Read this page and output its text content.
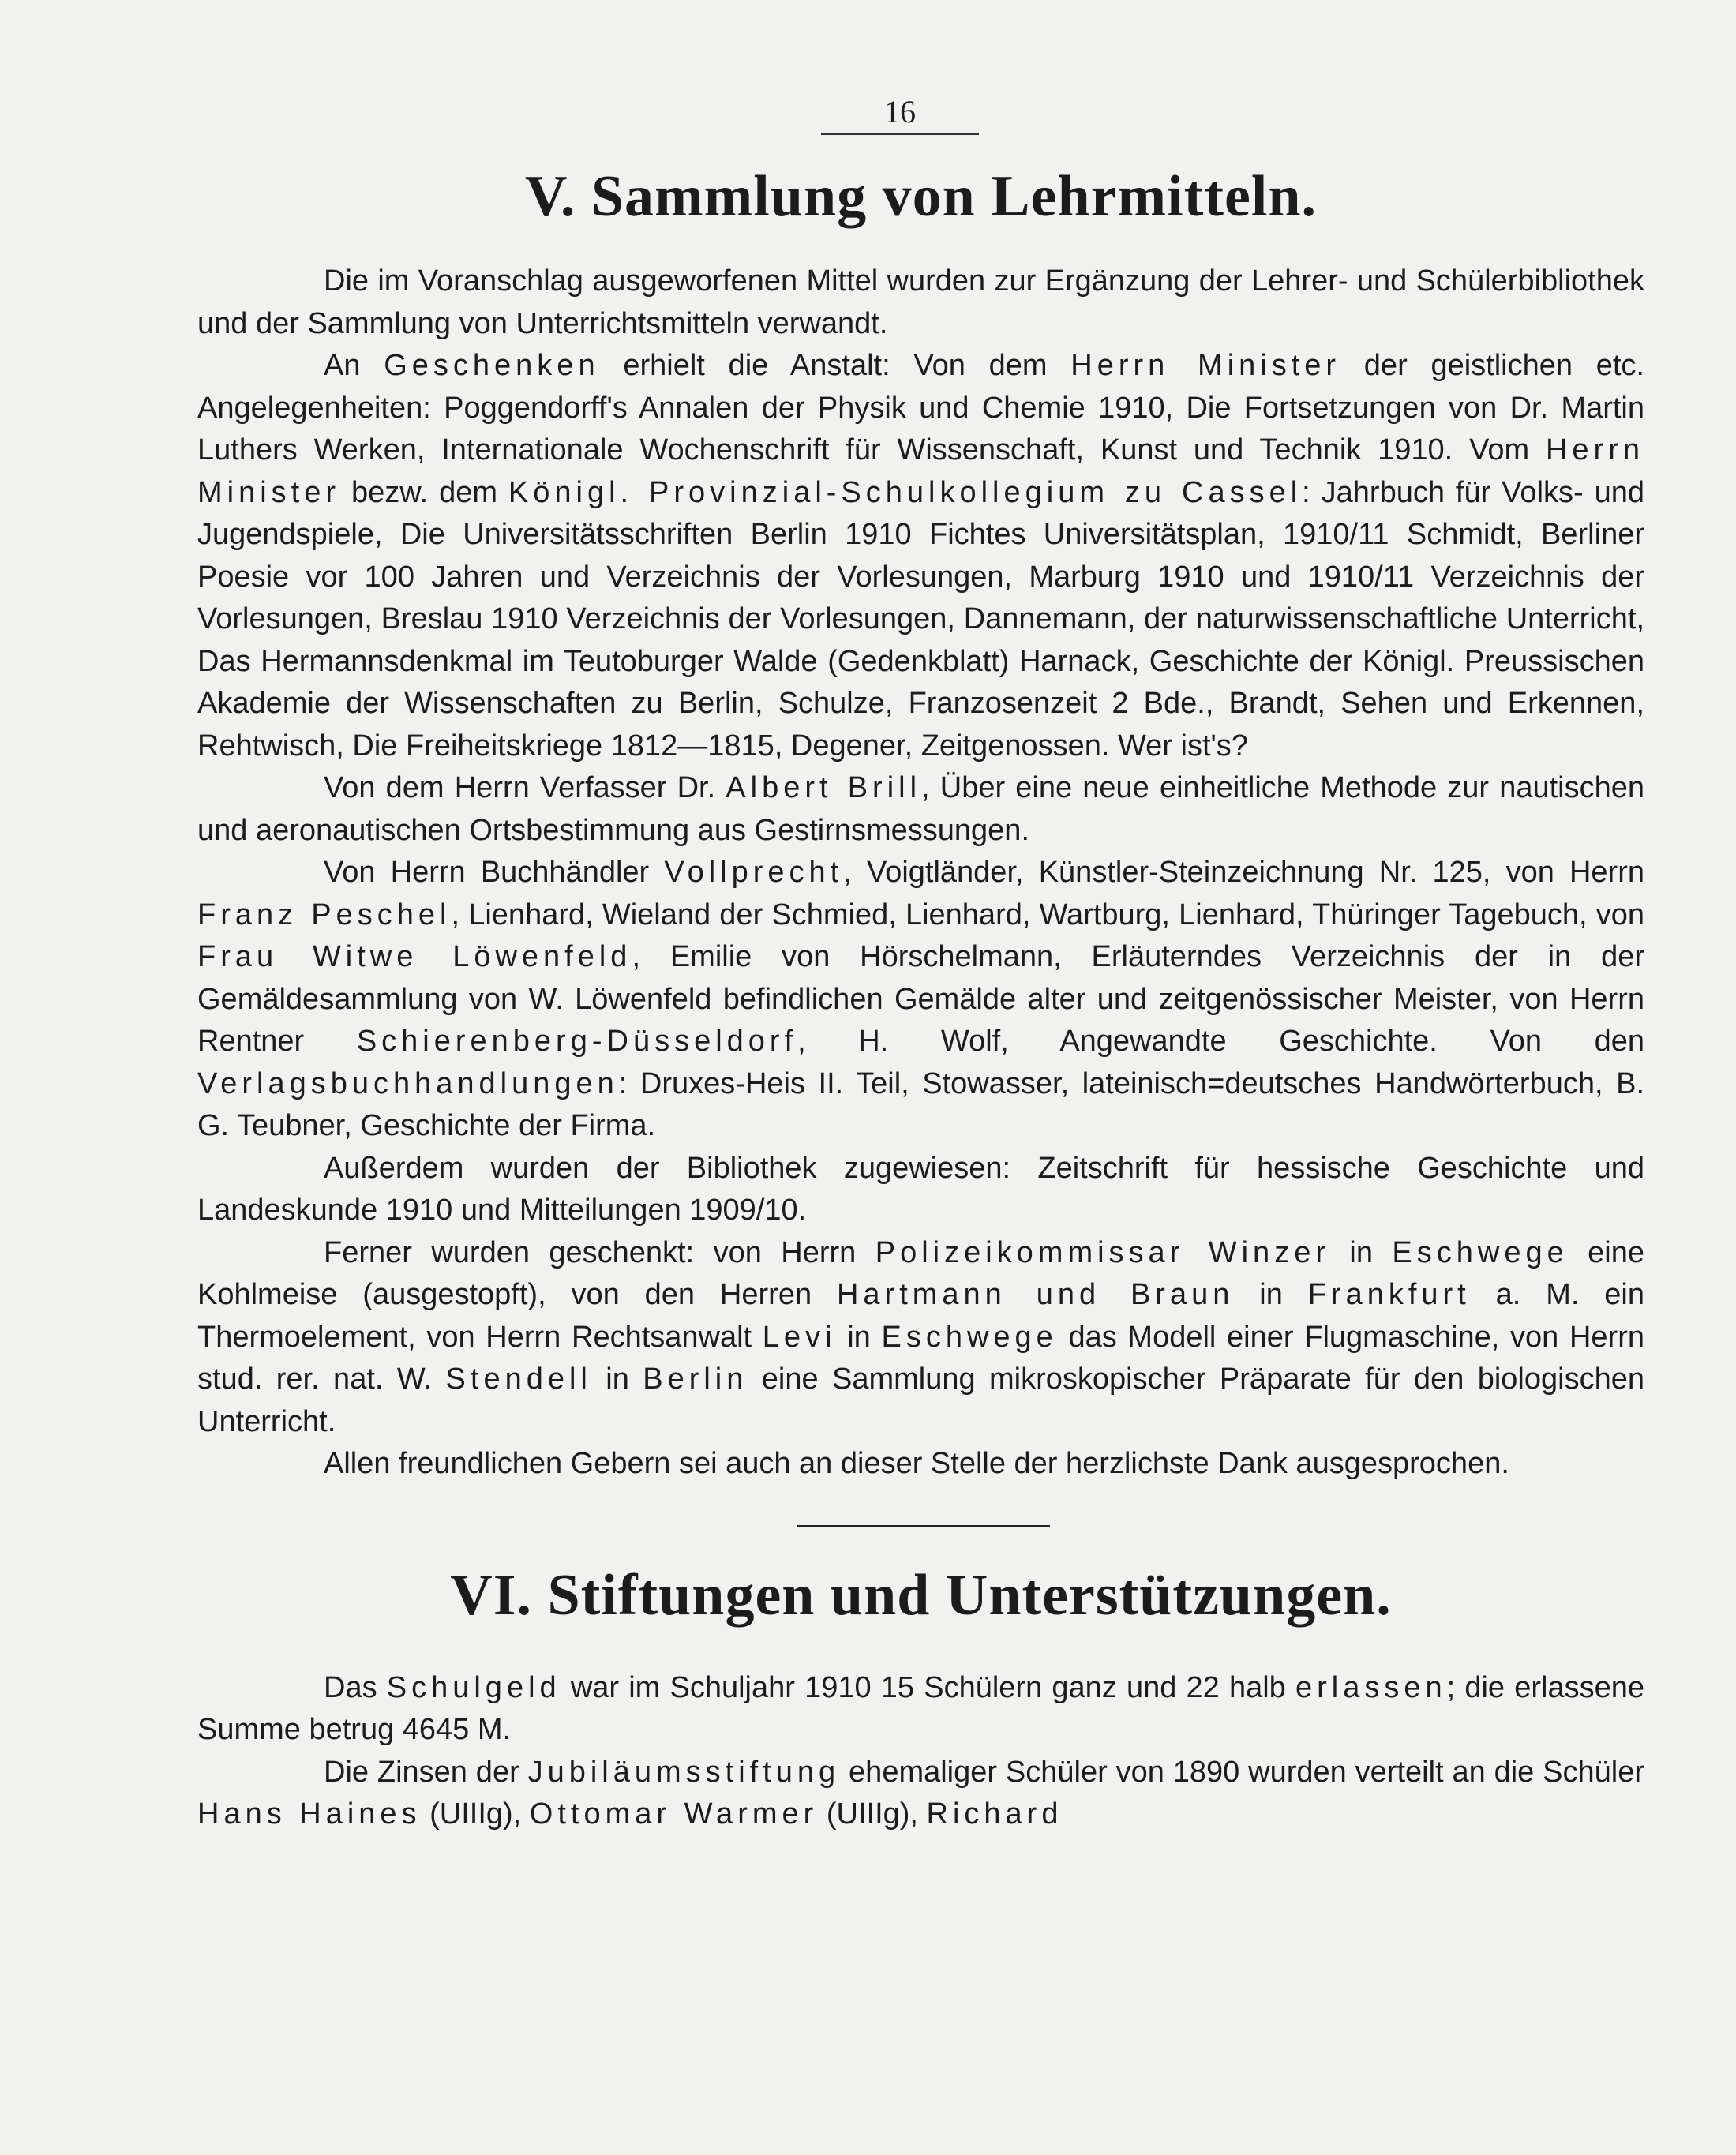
16
V. Sammlung von Lehrmitteln.

Die im Voranschlag ausgeworfenen Mittel wurden zur Ergänzung der Lehrer- und Schülerbibliothek und der Sammlung von Unterrichtsmitteln verwandt.

An Geschenken erhielt die Anstalt: Von dem Herrn Minister der geistlichen etc. Angelegenheiten: Poggendorff's Annalen der Physik und Chemie 1910, Die Fortsetzungen von Dr. Martin Luthers Werken, Internationale Wochenschrift für Wissenschaft, Kunst und Technik 1910. Vom Herrn Minister bezw. dem Königl. Provinzial-Schulkollegium zu Cassel: Jahrbuch für Volks- und Jugendspiele, Die Universitätsschriften Berlin 1910 Fichtes Universitätsplan, 1910/11 Schmidt, Berliner Poesie vor 100 Jahren und Verzeichnis der Vorlesungen, Marburg 1910 und 1910/11 Verzeichnis der Vorlesungen, Breslau 1910 Verzeichnis der Vorlesungen, Dannemann, der naturwissenschaftliche Unterricht, Das Hermannsdenkmal im Teutoburger Walde (Gedenkblatt) Harnack, Geschichte der Königl. Preussischen Akademie der Wissenschaften zu Berlin, Schulze, Franzosenzeit 2 Bde., Brandt, Sehen und Erkennen, Rehtwisch, Die Freiheitskriege 1812—1815, Degener, Zeitgenossen. Wer ist's?

Von dem Herrn Verfasser Dr. Albert Brill, Über eine neue einheitliche Methode zur nautischen und aeronautischen Ortsbestimmung aus Gestirnsmessungen.

Von Herrn Buchhändler Vollprecht, Voigtländer, Künstler-Steinzeichnung Nr. 125, von Herrn Franz Peschel, Lienhard, Wieland der Schmied, Lienhard, Wartburg, Lienhard, Thüringer Tagebuch, von Frau Witwe Löwenfeld, Emilie von Hörschelmann, Erläuterndes Verzeichnis der in der Gemäldesammlung von W. Löwenfeld befindlichen Gemälde alter und zeitgenössischer Meister, von Herrn Rentner Schierenberg-Düsseldorf, H. Wolf, Angewandte Geschichte. Von den Verlagsbuchhandlungen: Druxes-Heis II. Teil, Stowasser, lateinisch=deutsches Handwörterbuch, B. G. Teubner, Geschichte der Firma.

Außerdem wurden der Bibliothek zugewiesen: Zeitschrift für hessische Geschichte und Landeskunde 1910 und Mitteilungen 1909/10.

Ferner wurden geschenkt: von Herrn Polizeikommissar Winzer in Eschwege eine Kohlmeise (ausgestopft), von den Herren Hartmann und Braun in Frankfurt a. M. ein Thermoelement, von Herrn Rechtsanwalt Levi in Eschwege das Modell einer Flugmaschine, von Herrn stud. rer. nat. W. Stendell in Berlin eine Sammlung mikroskopischer Präparate für den biologischen Unterricht.

Allen freundlichen Gebern sei auch an dieser Stelle der herzlichste Dank ausgesprochen.

VI. Stiftungen und Unterstützungen.

Das Schulgeld war im Schuljahr 1910 15 Schülern ganz und 22 halb erlassen; die erlassene Summe betrug 4645 M.

Die Zinsen der Jubiläumsstiftung ehemaliger Schüler von 1890 wurden verteilt an die Schüler Hans Haines (UIIIg), Ottomar Warmer (UIIIg), Richard
